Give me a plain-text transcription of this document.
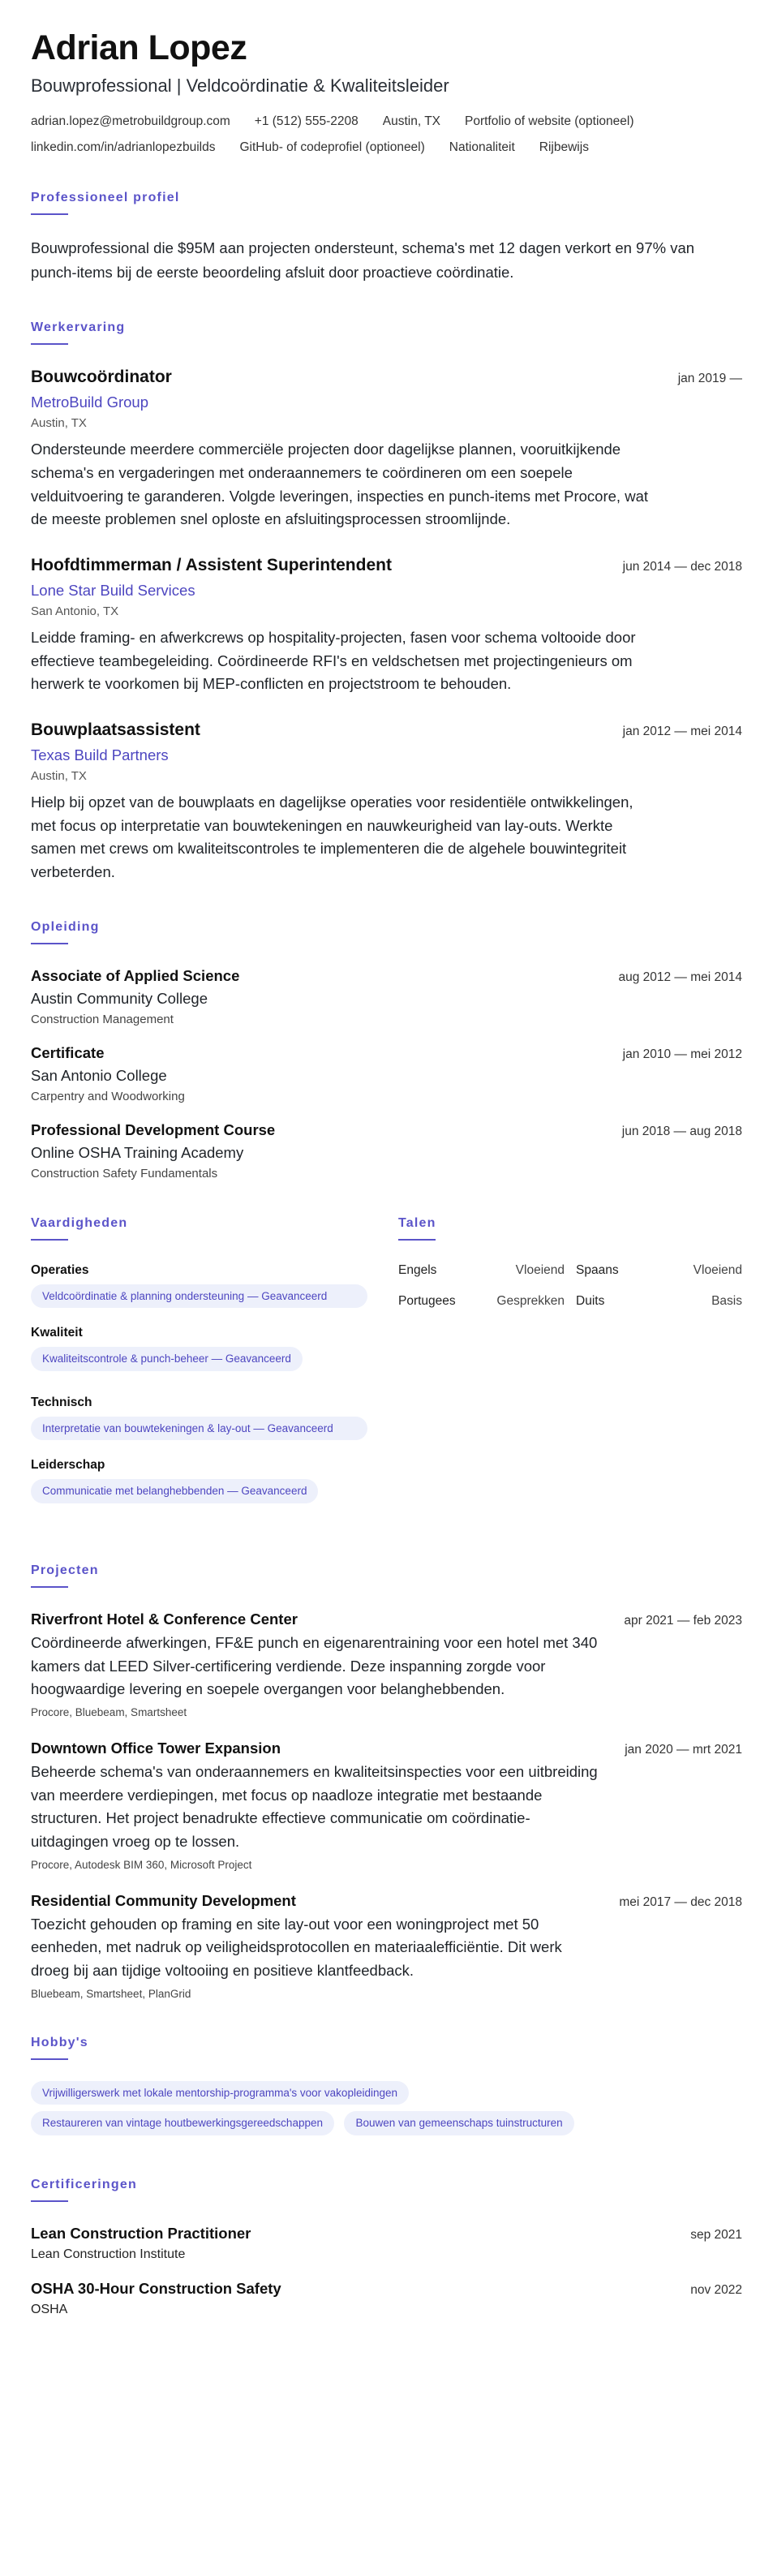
Adrian Lopez
Bouwprofessional | Veldcoördinatie & Kwaliteitsleider
adrian.lopez@metrobuildgroup.com +1 (512) 555-2208 Austin, TX Portfolio of website (optioneel)
linkedin.com/in/adrianlopezbuilds GitHub- of codeprofiel (optioneel) Nationaliteit Rijbewijs
Professioneel profiel

Bouwprofessional die $95M aan projecten ondersteunt, schema's met 12 dagen verkort en 97% van punch-items bij de eerste beoordeling afsluit door proactieve coördinatie.

Werkervaring
Bouwcoördinator	jan 2019 —
MetroBuild Group
Austin, TX

Ondersteunde meerdere commerciële projecten door dagelijkse plannen, vooruitkijkende schema's en vergaderingen met onderaannemers te coördineren om een soepele velduitvoering te garanderen. Volgde leveringen, inspecties en punch-items met Procore, wat de meeste problemen snel oploste en afsluitingsprocessen stroomlijnde.

Hoofdtimmerman / Assistent Superintendent	jun 2014 — dec 2018
Lone Star Build Services
San Antonio, TX

Leidde framing- en afwerkcrews op hospitality-projecten, fasen voor schema voltooide door effectieve teambegeleiding. Coördineerde RFI's en veldschetsen met projectingenieurs om herwerk te voorkomen bij MEP-conflicten en projectstroom te behouden.

Bouwplaatsassistent	jan 2012 — mei 2014
Texas Build Partners
Austin, TX

Hielp bij opzet van de bouwplaats en dagelijkse operaties voor residentiële ontwikkelingen, met focus op interpretatie van bouwtekeningen en nauwkeurigheid van lay-outs. Werkte samen met crews om kwaliteitscontroles te implementeren die de algehele bouwintegriteit verbeterden.

Opleiding
Associate of Applied Science	aug 2012 — mei 2014
Austin Community College
Construction Management
Certificate	jan 2010 — mei 2012
San Antonio College
Carpentry and Woodworking
Professional Development Course	jun 2018 — aug 2018
Online OSHA Training Academy
Construction Safety Fundamentals
Vaardigheden
Operaties
Veldcoördinatie & planning ondersteuning — Geavanceerd
Kwaliteit
Kwaliteitscontrole & punch-beheer — Geavanceerd
Technisch
Interpretatie van bouwtekeningen & lay-out — Geavanceerd
Leiderschap
Communicatie met belanghebbenden — Geavanceerd
Talen
Engels	Vloeiend Spaans	Vloeiend
Portugees	Gesprekken Duits	Basis
Projecten
Riverfront Hotel & Conference Center	apr 2021 — feb 2023

Coördineerde afwerkingen, FF&E punch en eigenarentraining voor een hotel met 340 kamers dat LEED Silver-certificering verdiende. Deze inspanning zorgde voor hoogwaardige levering en soepele overgangen voor belanghebbenden.

Procore, Bluebeam, Smartsheet
Downtown Office Tower Expansion	jan 2020 — mrt 2021

Beheerde schema's van onderaannemers en kwaliteitsinspecties voor een uitbreiding van meerdere verdiepingen, met focus op naadloze integratie met bestaande structuren. Het project benadrukte effectieve communicatie om coördinatie-uitdagingen vroeg op te lossen.

Procore, Autodesk BIM 360, Microsoft Project
Residential Community Development	mei 2017 — dec 2018

Toezicht gehouden op framing en site lay-out voor een woningproject met 50 eenheden, met nadruk op veiligheidsprotocollen en materiaalefficiëntie. Dit werk droeg bij aan tijdige voltooiing en positieve klantfeedback.

Bluebeam, Smartsheet, PlanGrid
Hobby's
Vrijwilligerswerk met lokale mentorship-programma's voor vakopleidingen
Restaureren van vintage houtbewerkingsgereedschappen	Bouwen van gemeenschaps tuinstructuren
Certificeringen
Lean Construction Practitioner	sep 2021
Lean Construction Institute
OSHA 30-Hour Construction Safety	nov 2022
OSHA
